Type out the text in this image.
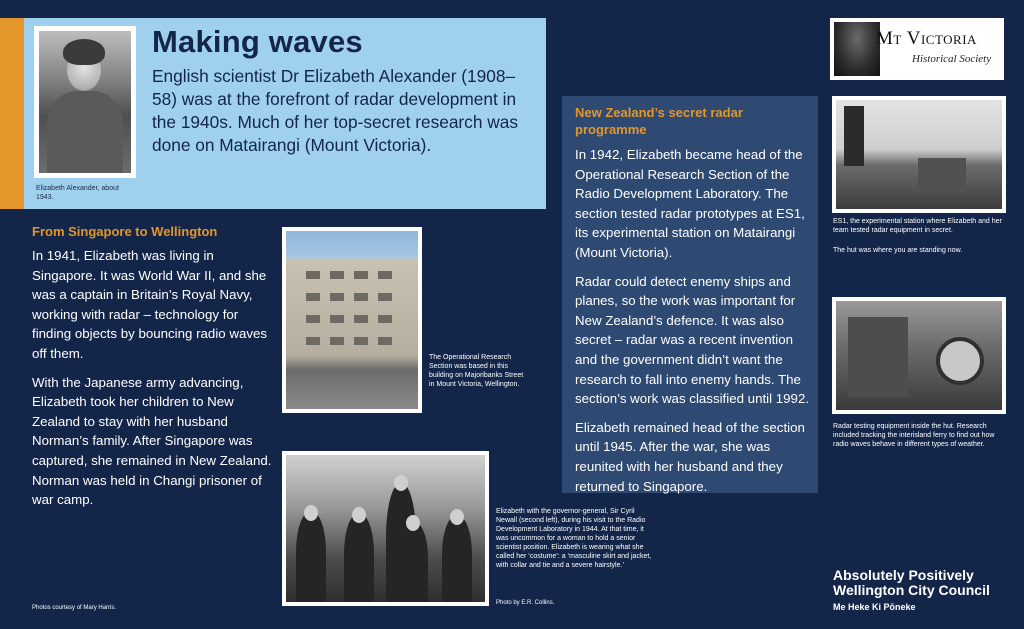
Elizabeth Alexander, about 1943.
Making waves
English scientist Dr Elizabeth Alexander (1908–58) was at the forefront of radar development in the 1940s. Much of her top-secret research was done on Matairangi (Mount Victoria).
From Singapore to Wellington

In 1941, Elizabeth was living in Singapore. It was World War II, and she was a captain in Britain’s Royal Navy, working with radar – technology for finding objects by bouncing radio waves off them.

With the Japanese army advancing, Elizabeth took her children to New Zealand to stay with her husband Norman’s family. After Singapore was captured, she remained in New Zealand. Norman was held in Changi prisoner of war camp.

The Operational Research Section was based in this building on Majoribanks Street in Mount Victoria, Wellington.
Elizabeth with the governor-general, Sir Cyril Newall (second left), during his visit to the Radio Development Laboratory in 1944. At that time, it was uncommon for a woman to hold a senior scientist position. Elizabeth is wearing what she called her ‘costume’: a ‘masculine skirt and jacket, with collar and tie and a severe hairstyle.’
Photo by E.R. Collins.
New Zealand’s secret radar programme

In 1942, Elizabeth became head of the Operational Research Section of the Radio Development Laboratory. The section tested radar prototypes at ES1, its experimental station on Matairangi (Mount Victoria).

Radar could detect enemy ships and planes, so the work was important for New Zealand’s defence. It was also secret – radar was a recent invention and the government didn’t want the research to fall into enemy hands. The section’s work was classified until 1992.

Elizabeth remained head of the section until 1945. After the war, she was reunited with her husband and they returned to Singapore.

Mt Victoria
Historical Society
ES1, the experimental station where Elizabeth and her team tested radar equipment in secret.
The hut was where you are standing now.
Radar testing equipment inside the hut. Research included tracking the interisland ferry to find out how radio waves behave in different types of weather.
Absolutely Positively
Wellington City Council
Me Heke Ki Pōneke
Photos courtesy of Mary Harris.
